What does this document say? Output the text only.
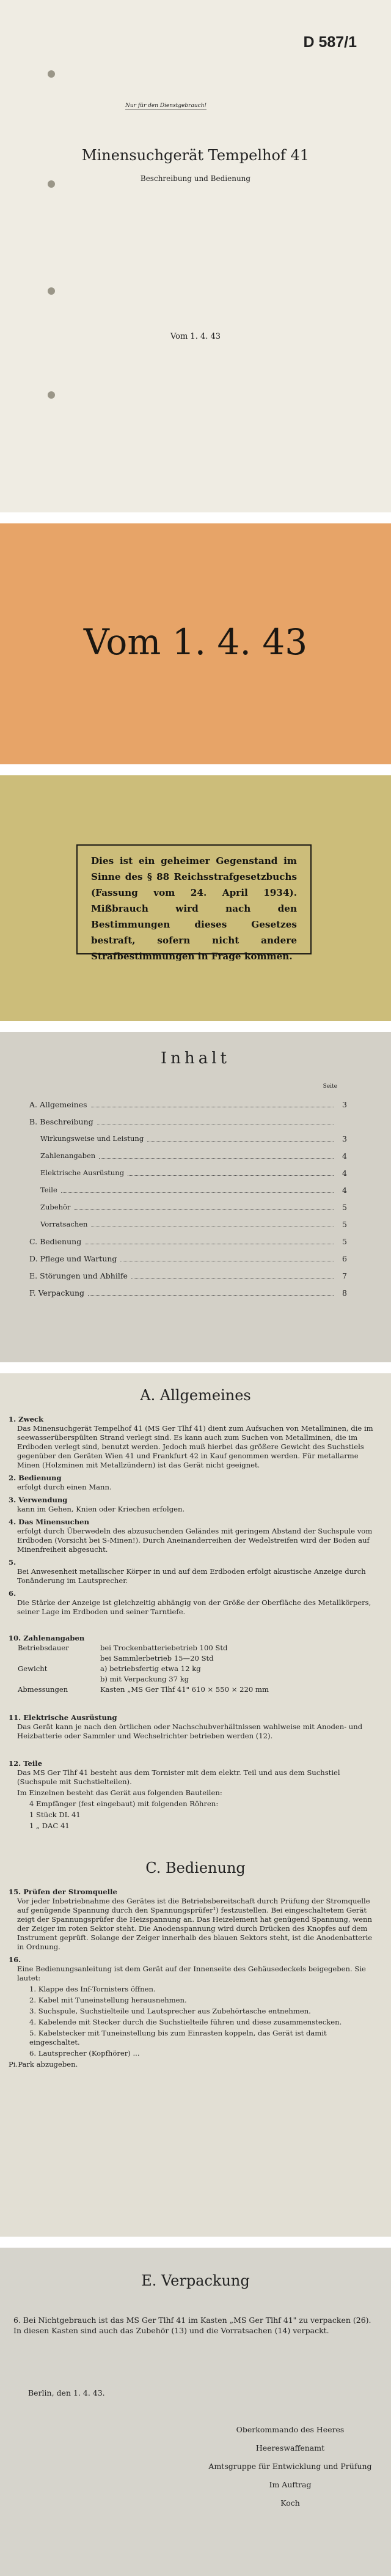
D 587/1
Nur für den Dienstgebrauch!
Minensuchgerät Tempelhof 41
Beschreibung und Bedienung
Vom 1. 4. 43
Vom 1. 4. 43
Dies ist ein geheimer Gegenstand im Sinne des § 88 Reichsstrafgesetzbuchs (Fassung vom 24. April 1934). Mißbrauch wird nach den Bestimmungen dieses Gesetzes bestraft, sofern nicht andere Strafbestimmungen in Frage kommen.
Inhalt
Seite
A. Allgemeines	3
B. Beschreibung
Wirkungsweise und Leistung	3
Zahlenangaben	4
Elektrische Ausrüstung	4
Teile	4
Zubehör	5
Vorratsachen	5
C. Bedienung	5
D. Pflege und Wartung	6
E. Störungen und Abhilfe	7
F. Verpackung	8
A. Allgemeines
1. Zweck

Das Minensuchgerät Tempelhof 41 (MS Ger Tlhf 41) dient zum Aufsuchen von Metallminen, die im seewasserüberspülten Strand verlegt sind. Es kann auch zum Suchen von Metallminen, die im Erdboden verlegt sind, benutzt werden. Jedoch muß hierbei das größere Gewicht des Suchstiels gegenüber den Geräten Wien 41 und Frankfurt 42 in Kauf genommen werden. Für metallarme Minen (Holzminen mit Metallzündern) ist das Gerät nicht geeignet.

2. Bedienung

erfolgt durch einen Mann.

3. Verwendung

kann im Gehen, Knien oder Kriechen erfolgen.

4. Das Minensuchen

erfolgt durch Überwedeln des abzusuchenden Geländes mit geringem Abstand der Suchspule vom Erdboden (Vorsicht bei S-Minen!). Durch Aneinanderreihen der Wedelstreifen wird der Boden auf Minenfreiheit abgesucht.

5.

Bei Anwesenheit metallischer Körper in und auf dem Erdboden erfolgt akustische Anzeige durch Tonänderung im Lautsprecher.

6.

Die Stärke der Anzeige ist gleichzeitig abhängig von der Größe der Oberfläche des Metallkörpers, seiner Lage im Erdboden und seiner Tarntiefe.

10. Zahlenangaben
Betriebsdauer	bei Trockenbatteriebetrieb 100 Std
	bei Sammlerbetrieb 15—20 Std
Gewicht	a) betriebsfertig etwa 12 kg
	b) mit Verpackung 37 kg
Abmessungen	Kasten „MS Ger Tlhf 41" 610 × 550 × 220 mm
11. Elektrische Ausrüstung

Das Gerät kann je nach den örtlichen oder Nachschubverhältnissen wahlweise mit Anoden- und Heizbatterie oder Sammler und Wechselrichter betrieben werden (12).

12. Teile

Das MS Ger Tlhf 41 besteht aus dem Tornister mit dem elektr. Teil und aus dem Suchstiel (Suchspule mit Suchstielteilen).

Im Einzelnen besteht das Gerät aus folgenden Bauteilen:

4 Empfänger (fest eingebaut) mit folgenden Röhren:

1 Stück DL 41

1 „ DAC 41

C. Bedienung
15. Prüfen der Stromquelle

Vor jeder Inbetriebnahme des Gerätes ist die Betriebsbereitschaft durch Prüfung der Stromquelle auf genügende Spannung durch den Spannungsprüfer¹) festzustellen. Bei eingeschaltetem Gerät zeigt der Spannungsprüfer die Heizspannung an. Das Heizelement hat genügend Spannung, wenn der Zeiger im roten Sektor steht. Die Anodenspannung wird durch Drücken des Knopfes auf dem Instrument geprüft. Solange der Zeiger innerhalb des blauen Sektors steht, ist die Anodenbatterie in Ordnung.

16.

Eine Bedienungsanleitung ist dem Gerät auf der Innenseite des Gehäusedeckels beigegeben. Sie lautet:

1. Klappe des Inf-Tornisters öffnen.

2. Kabel mit Tuneinstellung herausnehmen.

3. Suchspule, Suchstielteile und Lautsprecher aus Zubehörtasche entnehmen.

4. Kabelende mit Stecker durch die Suchstielteile führen und diese zusammenstecken.

5. Kabelstecker mit Tuneinstellung bis zum Einrasten koppeln, das Gerät ist damit eingeschaltet.

6. Lautsprecher (Kopfhörer) ...

Pi.Park abzugeben.

E. Verpackung
6. Bei Nichtgebrauch ist das MS Ger Tlhf 41 im Kasten „MS Ger Tlhf 41" zu verpacken (26). In diesen Kasten sind auch das Zubehör (13) und die Vorratsachen (14) verpackt.
Berlin, den 1. 4. 43.
Oberkommando des Heeres
Heereswaffenamt
Amtsgruppe für Entwicklung und Prüfung
Im Auftrag
Koch
